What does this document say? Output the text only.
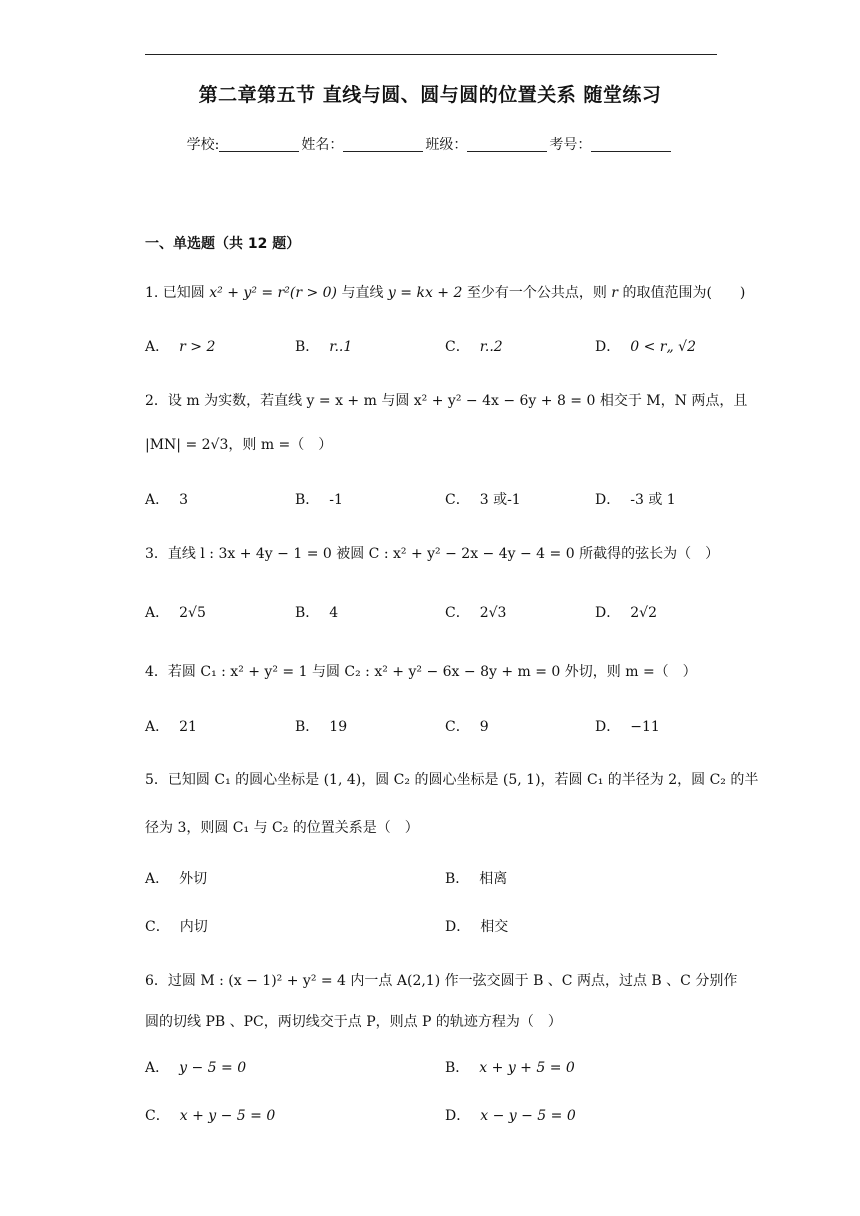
第二章第五节 直线与圆、圆与圆的位置关系 随堂练习
学校:	姓名：	班级：	考号：
一、单选题（共 12 题）
1. 已知圆 x² + y² = r²(r > 0) 与直线 y = kx + 2 至少有一个公共点，则 r 的取值范围为(　　)
A． r > 2	B． r..1	C． r..2	D． 0 < r„ √2
2．设 m 为实数，若直线 y = x + m 与圆 x² + y² − 4x − 6y + 8 = 0 相交于 M，N 两点，且
|MN| = 2√3，则 m =（　）
A． 3	B． -1	C． 3 或-1	D． -3 或 1
3．直线 l : 3x + 4y − 1 = 0 被圆 C : x² + y² − 2x − 4y − 4 = 0 所截得的弦长为（　）
A． 2√5	B． 4	C． 2√3	D． 2√2
4．若圆 C₁ : x² + y² = 1 与圆 C₂ : x² + y² − 6x − 8y + m = 0 外切，则 m =（　）
A． 21	B． 19	C． 9	D． −11
5．已知圆 C₁ 的圆心坐标是 (1, 4)，圆 C₂ 的圆心坐标是 (5, 1)，若圆 C₁ 的半径为 2，圆 C₂ 的半
径为 3，则圆 C₁ 与 C₂ 的位置关系是（　）
A． 外切	B． 相离
C． 内切	D． 相交
6．过圆 M : (x − 1)² + y² = 4 内一点 A(2,1) 作一弦交圆于 B 、C 两点，过点 B 、C 分别作
圆的切线 PB 、PC，两切线交于点 P，则点 P 的轨迹方程为（　）
A． y − 5 = 0	B． x + y + 5 = 0
C． x + y − 5 = 0	D． x − y − 5 = 0
